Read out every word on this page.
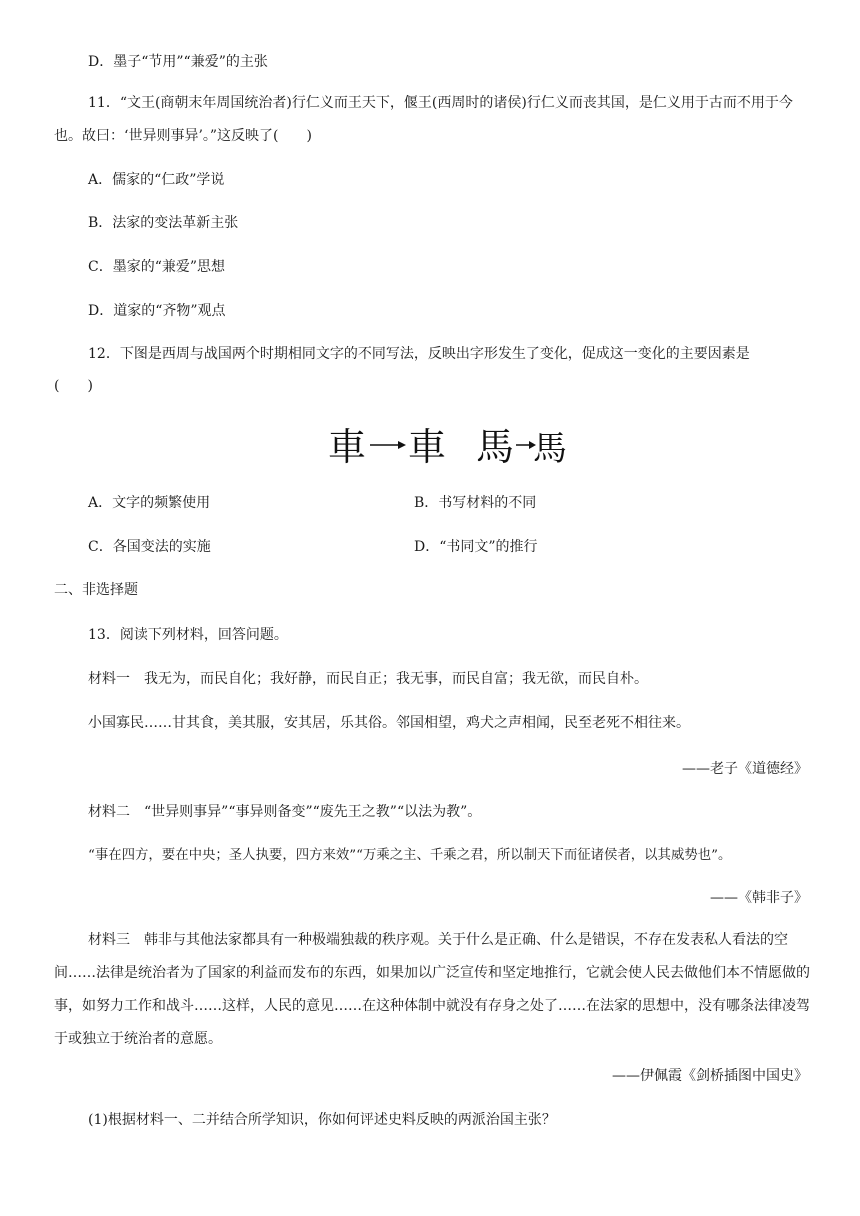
D．墨子“节用”“兼爱”的主张
11．“文王(商朝末年周国统治者)行仁义而王天下，偃王(西周时的诸侯)行仁义而丧其国，是仁义用于古而不用于今也。故曰：‘世异则事异’。”这反映了(　　)
A．儒家的“仁政”学说
B．法家的变法革新主张
C．墨家的“兼爱”思想
D．道家的“齐物”观点
12．下图是西周与战国两个时期相同文字的不同写法，反映出字形发生了变化，促成这一变化的主要因素是
(　　)
車 車 馬 馬
A．文字的频繁使用	B．书写材料的不同
C．各国变法的实施	D．“书同文”的推行
二、非选择题
13．阅读下列材料，回答问题。
材料一　我无为，而民自化；我好静，而民自正；我无事，而民自富；我无欲，而民自朴。
小国寡民……甘其食，美其服，安其居，乐其俗。邻国相望，鸡犬之声相闻，民至老死不相往来。
——老子《道德经》
材料二　“世异则事异”“事异则备变”“废先王之教”“以法为教”。
“事在四方，要在中央；圣人执要，四方来效”“万乘之主、千乘之君，所以制天下而征诸侯者，以其威势也”。
——《韩非子》
材料三　韩非与其他法家都具有一种极端独裁的秩序观。关于什么是正确、什么是错误，不存在发表私人看法的空间……法律是统治者为了国家的利益而发布的东西，如果加以广泛宣传和坚定地推行，它就会使人民去做他们本不情愿做的事，如努力工作和战斗……这样，人民的意见……在这种体制中就没有存身之处了……在法家的思想中，没有哪条法律凌驾于或独立于统治者的意愿。
——伊佩霞《剑桥插图中国史》
(1)根据材料一、二并结合所学知识，你如何评述史料反映的两派治国主张？
